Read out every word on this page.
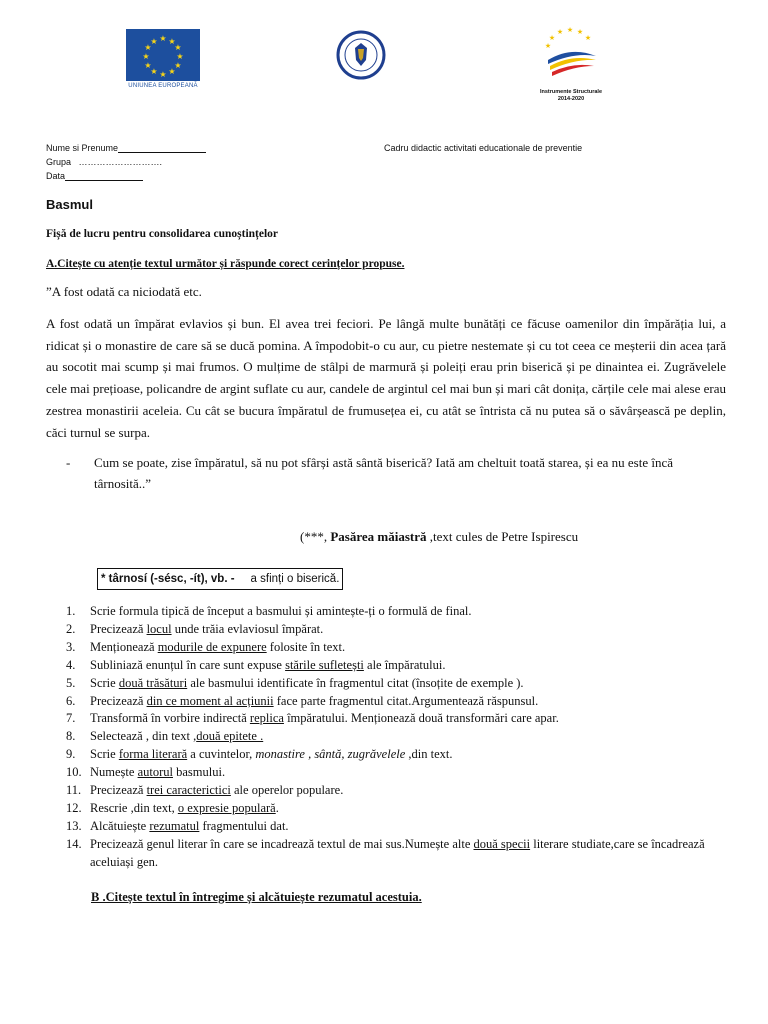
★ ★
★
★
★
★
★
★
★
★
★
★
UNIUNEA EUROPEANĂ
★
★
★ ★ ★
★
Instrumente Structurale
2014-2020
Nume si Prenume	Cadru didactic activitati educationale de preventie
Grupa ……………………….
Data
Basmul
Fișă de lucru pentru consolidarea cunoștințelor
A.Citește cu atenție textul următor și răspunde corect cerințelor propuse.
”A fost odată ca niciodată etc.
A fost odată un împărat evlavios și bun. El avea trei feciori. Pe lângă multe bunătăți ce făcuse oamenilor din împărăția lui, a ridicat și o monastire de care să se ducă pomina. A împodobit-o cu aur, cu pietre nestemate și cu tot ceea ce meșterii din acea țară au socotit mai scump și mai frumos. O mulțime de stâlpi de marmură și poleiți erau prin biserică și pe dinaintea ei. Zugrăvelele cele mai prețioase, policandre de argint suflate cu aur, candele de argintul cel mai bun și mari cât donița, cărțile cele mai alese erau zestrea monastirii aceleia. Cu cât se bucura împăratul de frumusețea ei, cu atât se întrista că nu putea să o săvârșească pe deplin, căci turnul se surpa.
- Cum se poate, zise împăratul, să nu pot sfârși astă sântă biserică? Iată am cheltuit toată starea, și ea nu este încă târnosită..”
(***, Pasărea măiastră ,text cules de Petre Ispirescu
* târnosí (-sésc, -ít), vb. - a sfinți o biserică.
1. Scrie formula tipică de început a basmului și amintește-ți o formulă de final.
2. Precizează locul unde trăia evlaviosul împărat.
3. Menționează modurile de expunere folosite în text.
4. Subliniază enunțul în care sunt expuse stările sufletești ale împăratului.
5. Scrie două trăsături ale basmului identificate în fragmentul citat (însoțite de exemple ).
6. Precizează din ce moment al acțiunii face parte fragmentul citat.Argumentează răspunsul.
7. Transformă în vorbire indirectă replica împăratului. Menționează două transformări care apar.
8. Selectează , din text ,două epitete .
9. Scrie forma literară a cuvintelor, monastire , sântă, zugrăvelele ,din text.
10. Numește autorul basmului.
11. Precizează trei caracterictici ale operelor populare.
12. Rescrie ,din text, o expresie populară.
13. Alcătuiește rezumatul fragmentului dat.
14. Precizează genul literar în care se incadrează textul de mai sus.Numește alte două specii literare studiate,care se încadrează aceluiași gen.
B .Citește textul în întregime și alcătuiește rezumatul acestuia.
